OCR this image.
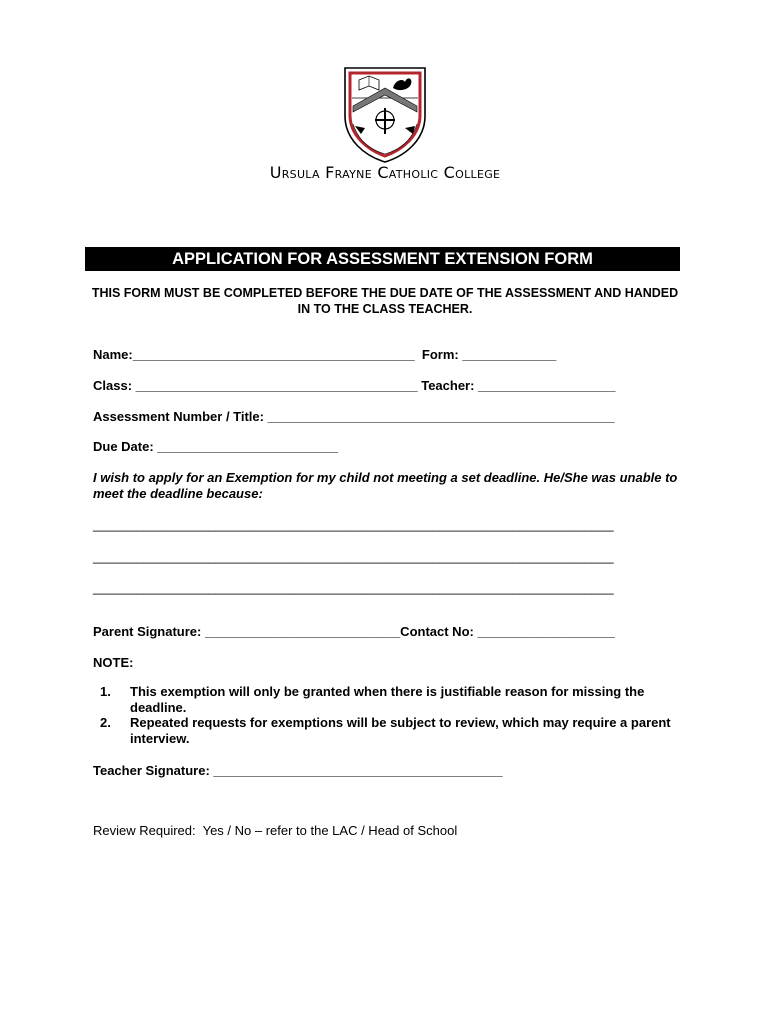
Ursula Frayne Catholic College
APPLICATION FOR ASSESSMENT EXTENSION FORM
THIS FORM MUST BE COMPLETED BEFORE THE DUE DATE OF THE ASSESSMENT AND HANDED IN TO THE CLASS TEACHER.
Name:_______________________________________  Form: _____________
Class: _______________________________________ Teacher: ___________________
Assessment Number / Title: ________________________________________________
Due Date: _________________________
I wish to apply for an Exemption for my child not meeting a set deadline. He/She was unable to meet the deadline because:
________________________________________________________________________
________________________________________________________________________
________________________________________________________________________
Parent Signature: ___________________________Contact No: ___________________
NOTE:
1.	This exemption will only be granted when there is justifiable reason for missing the deadline.
2.	Repeated requests for exemptions will be subject to review, which may require a parent interview.
Teacher Signature: ________________________________________
Review Required:  Yes / No – refer to the LAC / Head of School
